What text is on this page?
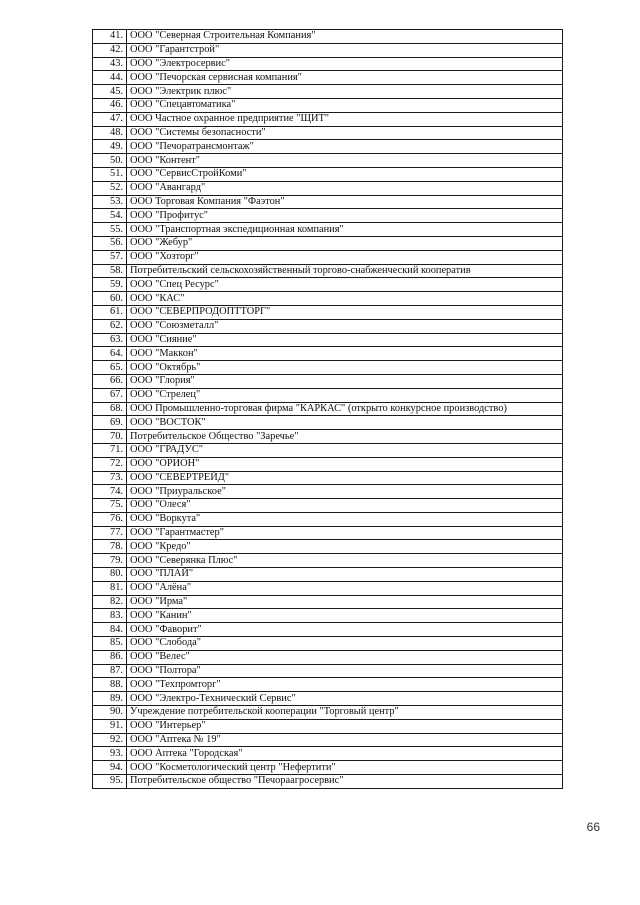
41.	ООО "Северная Строительная Компания"
42.	ООО "Гарантстрой"
43.	ООО "Электросервис"
44.	ООО "Печорская сервисная компания"
45.	ООО "Электрик плюс"
46.	ООО "Спецавтоматика"
47.	ООО Частное охранное предприятие "ЩИТ"
48.	ООО "Системы безопасности"
49.	ООО "Печоратрансмонтаж"
50.	ООО "Контент"
51.	ООО "СервисСтройКоми"
52.	ООО "Авангард"
53.	ООО Торговая Компания "Фаэтон"
54.	ООО "Профитус"
55.	ООО "Транспортная экспедиционная компания"
56.	ООО "Жебур"
57.	ООО "Хозторг"
58.	Потребительский сельскохозяйственный торгово-снабженческий кооператив
59.	ООО "Спец Ресурс"
60.	ООО "КАС"
61.	ООО "СЕВЕРПРОДОПТТОРГ"
62.	ООО "Союзметалл"
63.	ООО "Сияние"
64.	ООО "Маккон"
65.	ООО "Октябрь"
66.	ООО "Глория"
67.	ООО "Стрелец"
68.	ООО Промышленно-торговая фирма "КАРКАС" (открыто конкурсное производство)
69.	ООО "ВОСТОК"
70.	Потребительское Общество "Заречье"
71.	ООО "ГРАДУС"
72.	ООО "ОРИОН"
73.	ООО "СЕВЕРТРЕЙД"
74.	ООО "Приуральское"
75.	ООО "Олеся"
76.	ООО "Воркута"
77.	ООО "Гарантмастер"
78.	ООО "Кредо"
79.	ООО "Северянка Плюс"
80.	ООО "ПЛАЙ"
81.	ООО "Алёна"
82.	ООО "Ирма"
83.	ООО "Канин"
84.	ООО "Фаворит"
85.	ООО "Слобода"
86.	ООО "Велес"
87.	ООО "Полтора"
88.	ООО "Техпромторг"
89.	ООО "Электро-Технический Сервис"
90.	Учреждение потребительской кооперации "Торговый центр"
91.	ООО "Интерьер"
92.	ООО "Аптека № 19"
93.	ООО Аптека "Городская"
94.	ООО "Косметологический центр "Нефертити"
95.	Потребительское общество "Печораагросервис"
66
